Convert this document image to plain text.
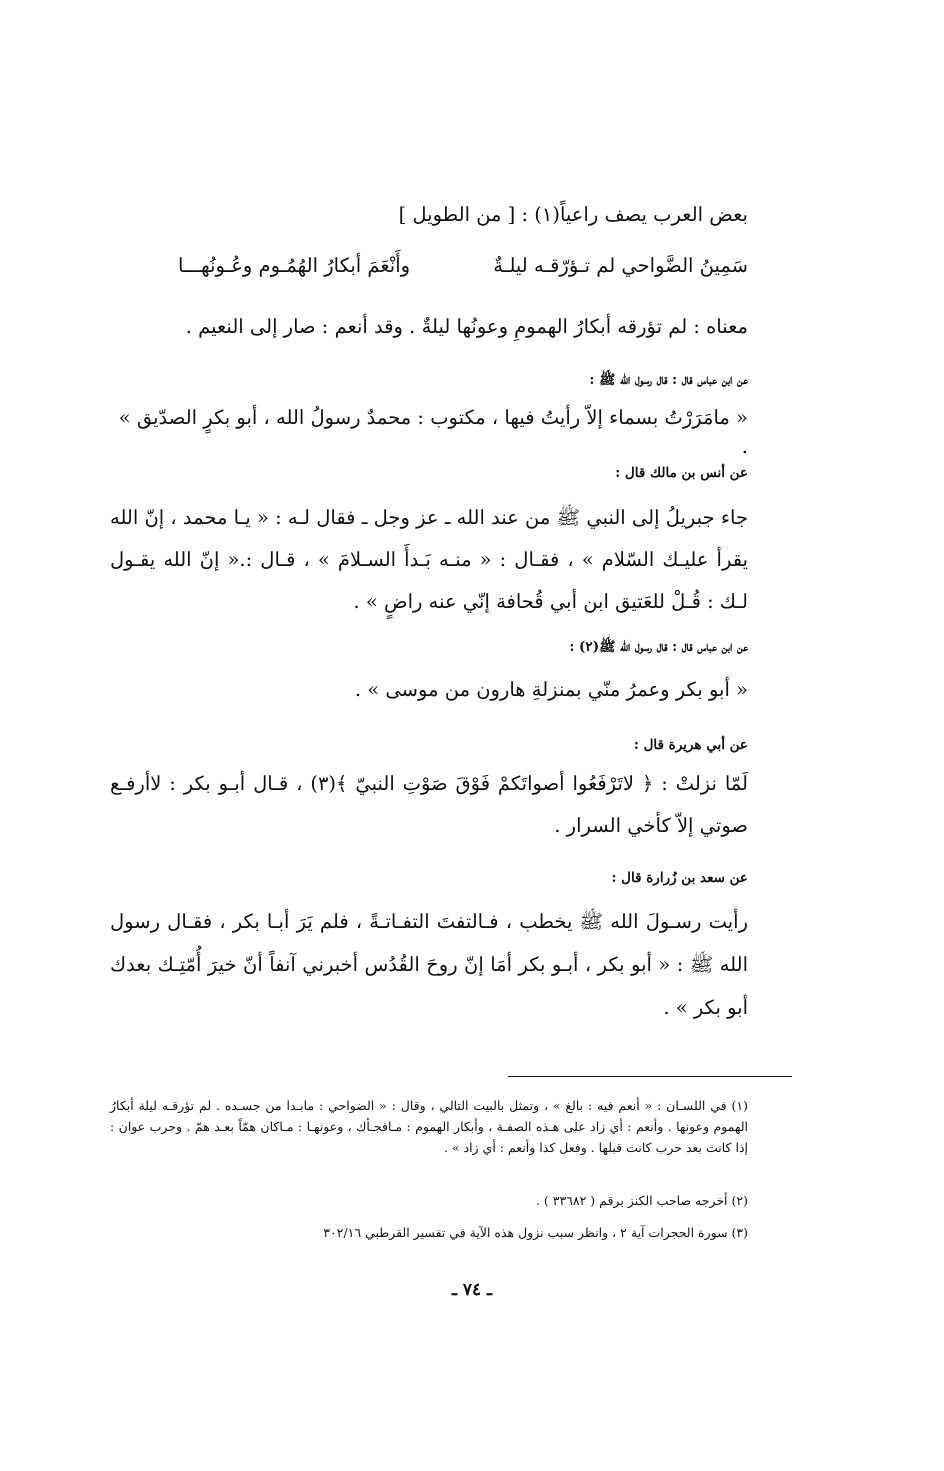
بعض العرب يصف راعياً(١) : [ من الطويل ]
سَمِينُ الضَّواحي لم تـؤرّقـه ليلـةٌ
وأَنْعَمَ أبكارُ الهُمُـوم وعُـونُهـــا
معناه : لم تؤرقه أبكارُ الهمومِ وعونُها ليلةٌ . وقد أنعم : صار إلى النعيم .
عن ابن عباس قال : قال رسول الله ﷺ :
« مامَرَرْتُ بسماء إلاّ رأيتُ فيها ، مكتوب : محمدٌ رسولُ الله ، أبو بكرٍ الصدّيق » .
عن أنس بن مالك قال :
جاء جبريلُ إلى النبي ﷺ من عند الله ـ عز وجل ـ فقال لـه : « يـا محمد ، إنّ الله يقرأ عليـك السّلام » ، فقـال : « منـه بَـدأَ السـلامَ » ، قـال :.« إنّ الله يقـول لـك : قُـلْ للعَتيق ابن أبي قُحافة إنّي عنه راضٍ » .
عن ابن عباس قال : قال رسول الله ﷺ(٢) :
« أبو بكر وعمرُ منّي بمنزلةِ هارون من موسى » .
عن أبي هريرة قال :
لَمّا نزلتْ : ﴿ لاتَرْفَعُوا أصواتَكمْ فَوْقَ صَوْتِ النبيّ ﴾(٣) ، قـال أبـو بكر : لاأرفـع صوتي إلاّ كأخي السرار .
عن سعد بن زُرارة قال :
رأيت رسـولَ الله ﷺ يخطب ، فـالتفتَ التفـاتـةً ، فلم يَرَ أبـا بكر ، فقـال رسول الله ﷺ : « أبو بكر ، أبـو بكر أمَا إنّ روحَ القُدُس أخبرني آنفاً أنّ خيرَ أُمّتِـك بعدك أبو بكر » .
(١) في اللسـان : « أنعم فيه : بالغ » ، وتمثل بالبيت التالي ، وقال : « الضواحي : مابـدا من جسـده . لم تؤرقـه ليلة أبكارُ الهموم وعونها . وأنعم : أي زاد على هـذه الصفـة ، وأبكار الهموم : مـافجـأك ، وعونهـا : مـاكان همّاً بعـد همّ . وحرب عوان : إذا كانت بعد حرب كانت قبلها . وفعل كذا وأنعم : أي زاد » .
(٢) أخرجه صاحب الكنز برقم ( ٣٣٦٨٢ ) .
(٣) سورة الحجرات آية ٢ ، وانظر سبب نزول هذه الآية في تفسير القرطبي ٣٠٢/١٦
ـ ٧٤ ـ
